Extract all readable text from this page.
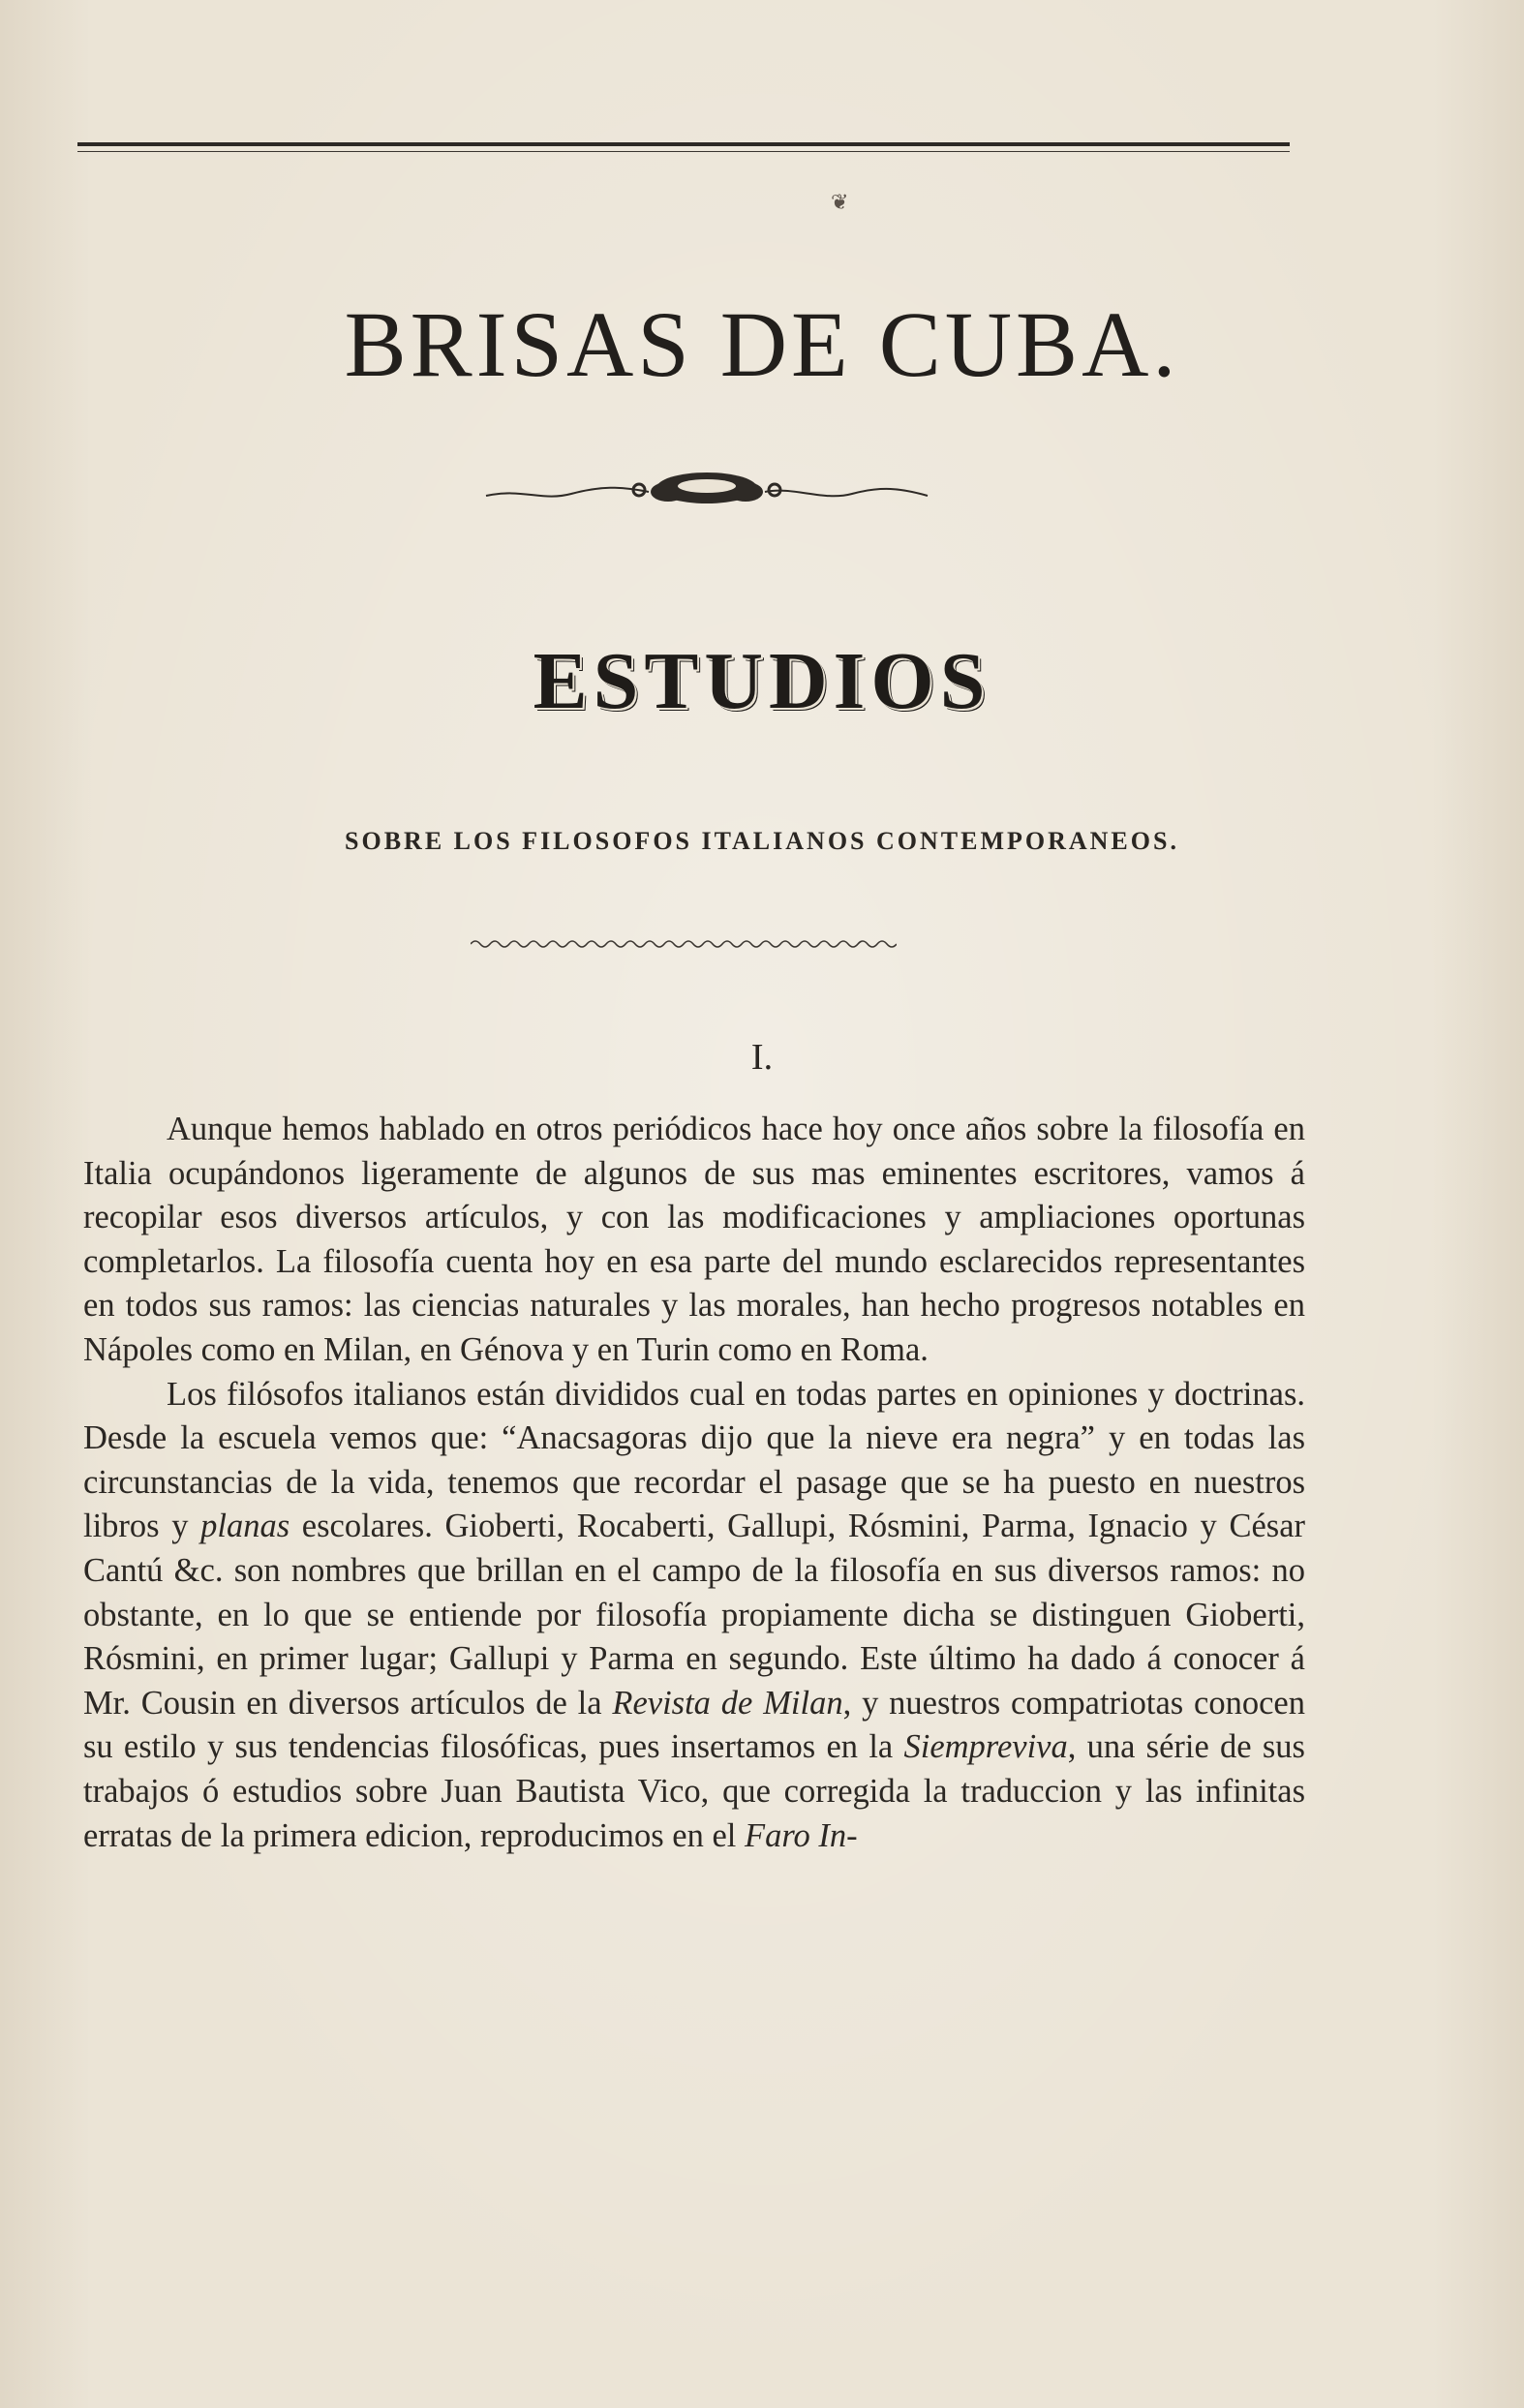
❦
BRISAS DE CUBA.
ESTUDIOS
SOBRE LOS FILOSOFOS ITALIANOS CONTEMPORANEOS.
I.

Aunque hemos hablado en otros periódicos hace hoy once años sobre la filosofía en Italia ocupándonos ligeramente de algunos de sus mas eminentes escritores, vamos á recopilar esos diversos artículos, y con las modificaciones y ampliaciones oportunas completarlos. La filosofía cuenta hoy en esa parte del mundo esclarecidos representantes en todos sus ramos: las ciencias naturales y las morales, han hecho progresos notables en Nápoles como en Milan, en Génova y en Turin como en Roma.

Los filósofos italianos están divididos cual en todas partes en opiniones y doctrinas. Desde la escuela vemos que: “Anacsagoras dijo que la nieve era negra” y en todas las circunstancias de la vida, tenemos que recordar el pasage que se ha puesto en nuestros libros y planas escolares. Gioberti, Rocaberti, Gallupi, Rósmini, Parma, Ignacio y César Cantú &c. son nombres que brillan en el campo de la filosofía en sus diversos ramos: no obstante, en lo que se entiende por filosofía propiamente dicha se distinguen Gioberti, Rósmini, en primer lugar; Gallupi y Parma en segundo. Este último ha dado á conocer á Mr. Cousin en diversos artículos de la Revista de Milan, y nuestros compatriotas conocen su estilo y sus tendencias filosóficas, pues insertamos en la Siempreviva, una série de sus trabajos ó estudios sobre Juan Bautista Vico, que corregida la traduccion y las infinitas erratas de la primera edicion, reproducimos en el Faro In-
